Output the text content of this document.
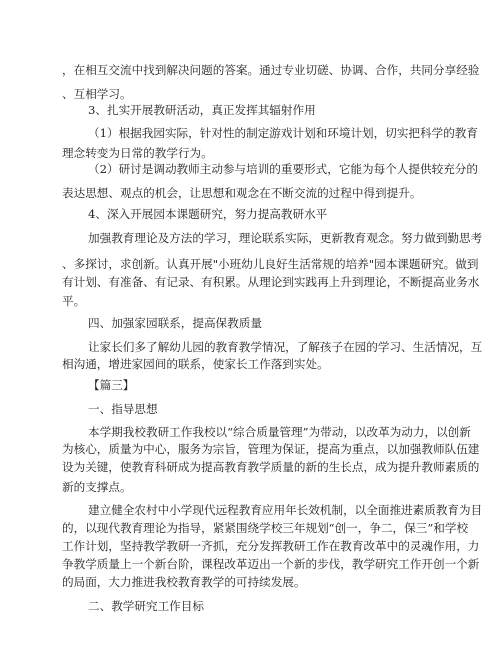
，在相互交流中找到解决问题的答案。通过专业切磋、协调、合作，共同分享经验
、互相学习。
3、扎实开展教研活动，真正发挥其辐射作用
（1）根据我园实际，针对性的制定游戏计划和环境计划，切实把科学的教育
理念转变为日常的教学行为。
（2）研讨是调动教师主动参与培训的重要形式，它能为每个人提供较充分的
表达思想、观点的机会，让思想和观念在不断交流的过程中得到提升。
4、深入开展园本课题研究，努力提高教研水平
加强教育理论及方法的学习，理论联系实际，更新教育观念。努力做到勤思考
、多探讨，求创新。认真开展"小班幼儿良好生活常规的培养"园本课题研究。做到
有计划、有准备、有记录、有积累。从理论到实践再上升到理论，不断提高业务水
平。
四、加强家园联系，提高保教质量
让家长们多了解幼儿园的教育教学情况，了解孩子在园的学习、生活情况，互
相沟通，增进家园间的联系，使家长工作落到实处。
【篇三】
一、指导思想
本学期我校教研工作我校以“综合质量管理”为带动，以改革为动力，以创新
为核心，质量为中心，服务为宗旨，管理为保证，提高为重点，以加强教师队伍建
设为关键，使教育科研成为提高教育教学质量的新的生长点，成为提升教师素质的
新的支撑点。
建立健全农村中小学现代远程教育应用年长效机制，以全面推进素质教育为目
的，以现代教育理论为指导，紧紧围绕学校三年规划“创一，争二，保三”和学校
工作计划，坚持教学教研一齐抓，充分发挥教研工作在教育改革中的灵魂作用，力
争教学质量上一个新台阶，课程改革迈出一个新的步伐，教学研究工作开创一个新
的局面，大力推进我校教育教学的可持续发展。
二、教学研究工作目标
